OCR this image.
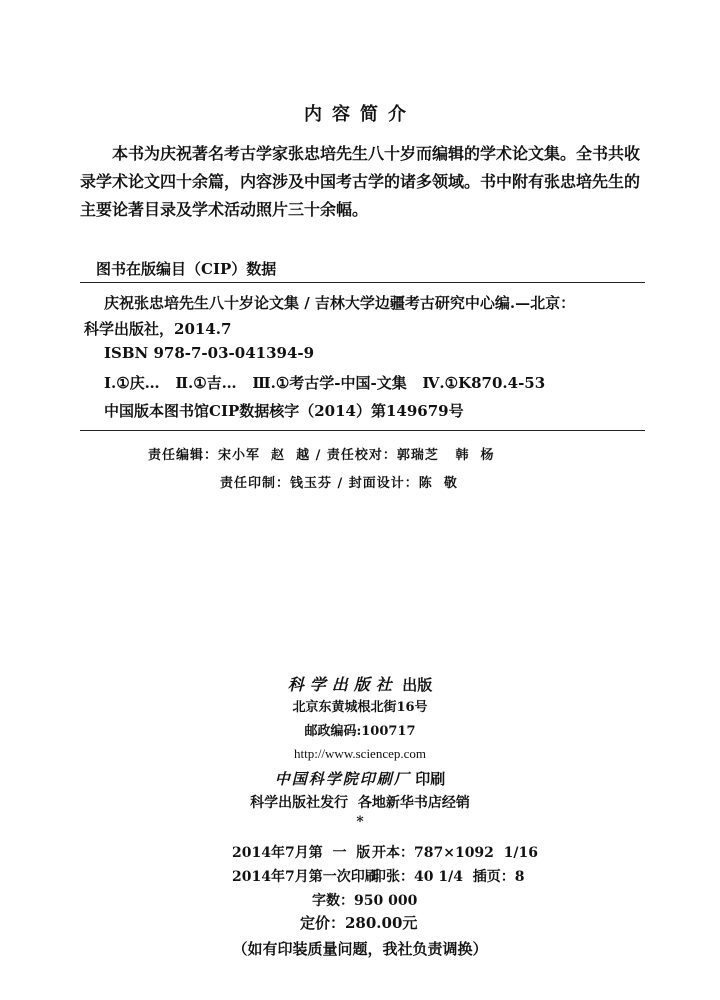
内容简介
本书为庆祝著名考古学家张忠培先生八十岁而编辑的学术论文集。全书共收录学术论文四十余篇，内容涉及中国考古学的诸多领域。书中附有张忠培先生的主要论著目录及学术活动照片三十余幅。
图书在版编目（CIP）数据
庆祝张忠培先生八十岁论文集 / 吉林大学边疆考古研究中心编.—北京：
科学出版社，2014.7
ISBN 978-7-03-041394-9
Ⅰ.①庆…   Ⅱ.①吉…   Ⅲ.①考古学-中国-文集   Ⅳ.①K870.4-53
中国版本图书馆CIP数据核字（2014）第149679号
责任编辑：宋小军  赵  越 / 责任校对：郭瑞芝   韩  杨
责任印制：钱玉芬 / 封面设计：陈  敬
科学出版社 出版
北京东黄城根北街16号
邮政编码:100717
http://www.sciencep.com
中国科学院印刷厂 印刷
科学出版社发行  各地新华书店经销
*
2014年7月第  一  版 开本：787×1092  1/16
2014年7月第一次印刷
印张：40 1/4  插页：8
字数：950 000
定价：280.00元
（如有印装质量问题，我社负责调换）
